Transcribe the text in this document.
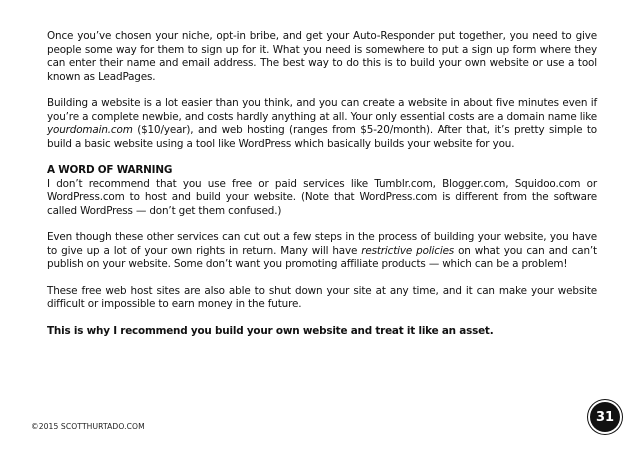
Once you’ve chosen your niche, opt-in bribe, and get your Auto-Responder put together, you need to give people some way for them to sign up for it. What you need is somewhere to put a sign up form where they can enter their name and email address. The best way to do this is to build your own website or use a tool known as LeadPages.

Building a website is a lot easier than you think, and you can create a website in about five minutes even if you’re a complete newbie, and costs hardly anything at all. Your only essential costs are a domain name like yourdomain.com ($10/year), and web hosting (ranges from $5-20/month). After that, it’s pretty simple to build a basic website using a tool like WordPress which basically builds your website for you.

A WORD OF WARNING

I don’t recommend that you use free or paid services like Tumblr.com, Blogger.com, Squidoo.com or WordPress.com to host and build your website. (Note that WordPress.com is different from the software called WordPress — don’t get them confused.)

Even though these other services can cut out a few steps in the process of building your website, you have to give up a lot of your own rights in return. Many will have restrictive policies on what you can and can’t publish on your website. Some don’t want you promoting affiliate products — which can be a problem!

These free web host sites are also able to shut down your site at any time, and it can make your website difficult or impossible to earn money in the future.

This is why I recommend you build your own website and treat it like an asset.
©2015 SCOTTHURTADO.COM
31
